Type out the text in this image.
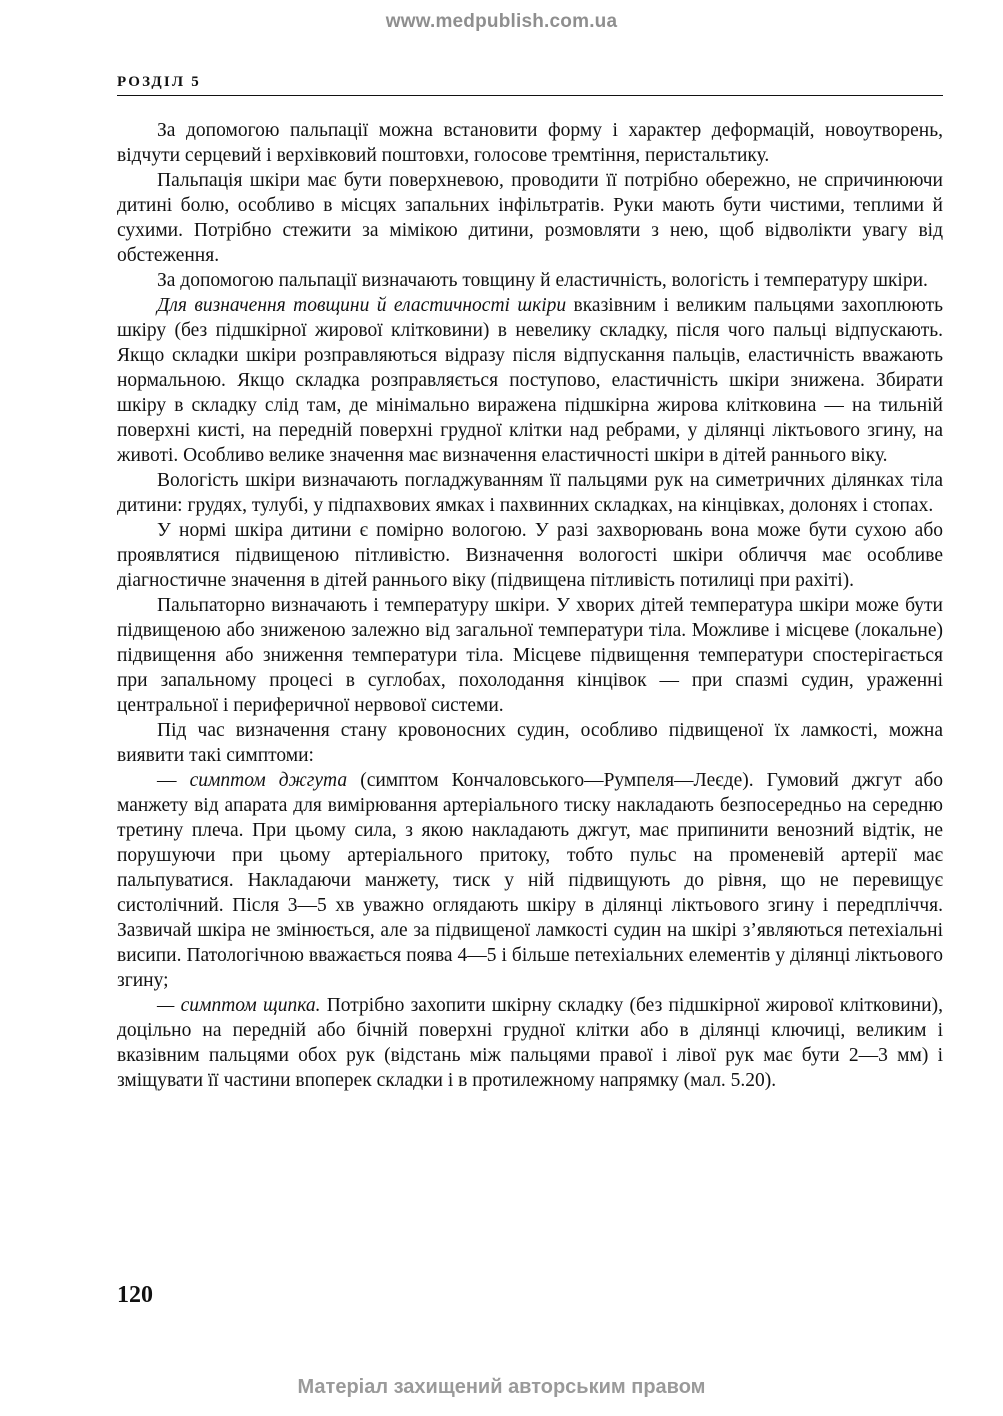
www.medpublish.com.ua
РОЗДІЛ 5

За допомогою пальпації можна встановити форму і характер деформацій, новоутворень, відчути серцевий і верхівковий поштовхи, голосове тремтіння, перистальтику.

Пальпація шкіри має бути поверхневою, проводити її потрібно обережно, не спричинюючи дитині болю, особливо в місцях запальних інфільтратів. Руки мають бути чистими, теплими й сухими. Потрібно стежити за мімікою дитини, розмовляти з нею, щоб відволікти увагу від обстеження.

За допомогою пальпації визначають товщину й еластичність, вологість і температуру шкіри.

Для визначення товщини й еластичності шкіри вказівним і великим пальцями захоплюють шкіру (без підшкірної жирової клітковини) в невелику складку, після чого пальці відпускають. Якщо складки шкіри розправляються відразу після відпускання пальців, еластичність вважають нормальною. Якщо складка розправляється поступово, еластичність шкіри знижена. Збирати шкіру в складку слід там, де мінімально виражена підшкірна жирова клітковина — на тильній поверхні кисті, на передній поверхні грудної клітки над ребрами, у ділянці ліктьового згину, на животі. Особливо велике значення має визначення еластичності шкіри в дітей раннього віку.

Вологість шкіри визначають погладжуванням її пальцями рук на симетричних ділянках тіла дитини: грудях, тулубі, у підпахвових ямках і пахвинних складках, на кінцівках, долонях і стопах.

У нормі шкіра дитини є помірно вологою. У разі захворювань вона може бути сухою або проявлятися підвищеною пітливістю. Визначення вологості шкіри обличчя має особливе діагностичне значення в дітей раннього віку (підвищена пітливість потилиці при рахіті).

Пальпаторно визначають і температуру шкіри. У хворих дітей температура шкіри може бути підвищеною або зниженою залежно від загальної температури тіла. Можливе і місцеве (локальне) підвищення або зниження температури тіла. Місцеве підвищення температури спостерігається при запальному процесі в суглобах, похолодання кінцівок — при спазмі судин, ураженні центральної і периферичної нервової системи.

Під час визначення стану кровоносних судин, особливо підвищеної їх ламкості, можна виявити такі симптоми:

— симптом джгута (симптом Кончаловського—Румпеля—Леєде). Гумовий джгут або манжету від апарата для вимірювання артеріального тиску накладають безпосередньо на середню третину плеча. При цьому сила, з якою накладають джгут, має припинити венозний відтік, не порушуючи при цьому артеріального притоку, тобто пульс на променевій артерії має пальпуватися. Накладаючи манжету, тиск у ній підвищують до рівня, що не перевищує систолічний. Після 3—5 хв уважно оглядають шкіру в ділянці ліктьового згину і передпліччя. Зазвичай шкіра не змінюється, але за підвищеної ламкості судин на шкірі з’являються петехіальні висипи. Патологічною вважається поява 4—5 і більше петехіальних елементів у ділянці ліктьового згину;

— симптом щипка. Потрібно захопити шкірну складку (без підшкірної жирової клітковини), доцільно на передній або бічній поверхні грудної клітки або в ділянці ключиці, великим і вказівним пальцями обох рук (відстань між пальцями правої і лівої рук має бути 2—3 мм) і зміщувати її частини впоперек складки і в протилежному напрямку (мал. 5.20).

120
Матеріал захищений авторським правом
